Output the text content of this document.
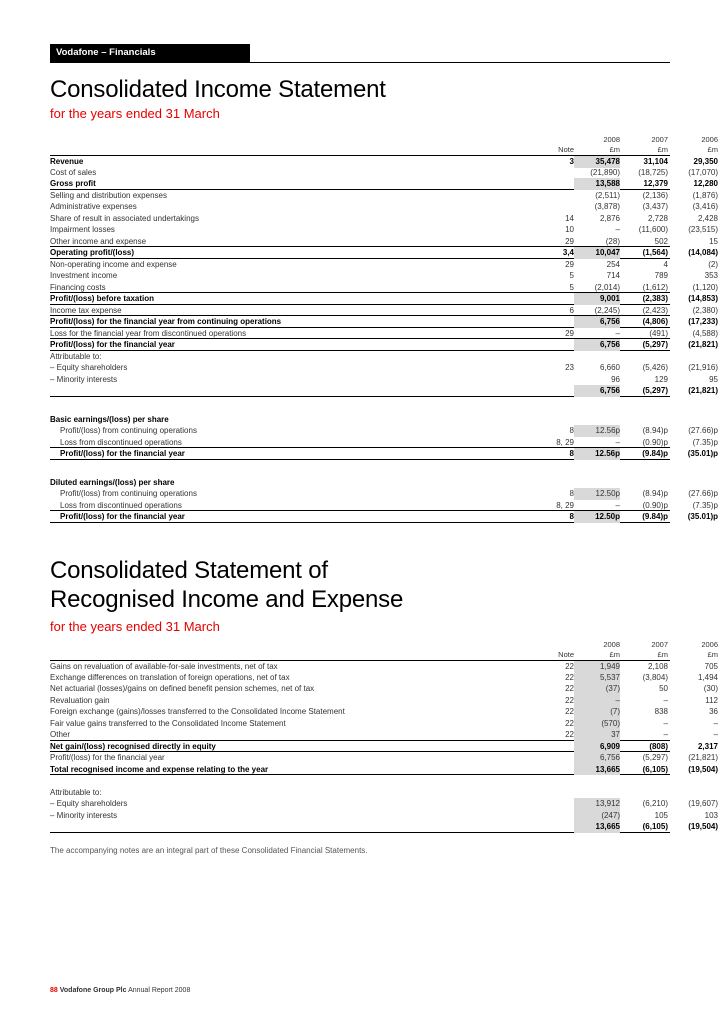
Vodafone – Financials
Consolidated Income Statement
for the years ended 31 March
2008	2007	2006
Note	£m	£m	£m
Revenue	3	35,478	31,104	29,350
Cost of sales	(21,890)	(18,725)	(17,070)
Gross profit	13,588	12,379	12,280
Selling and distribution expenses	(2,511)	(2,136)	(1,876)
Administrative expenses	(3,878)	(3,437)	(3,416)
Share of result in associated undertakings	14	2,876	2,728	2,428
Impairment losses	10	–	(11,600)	(23,515)
Other income and expense	29	(28)	502	15
Operating profit/(loss)	3,4	10,047	(1,564)	(14,084)
Non-operating income and expense	29	254	4	(2)
Investment income	5	714	789	353
Financing costs	5	(2,014)	(1,612)	(1,120)
Profit/(loss) before taxation	9,001	(2,383)	(14,853)
Income tax expense	6	(2,245)	(2,423)	(2,380)
Profit/(loss) for the financial year from continuing operations	6,756	(4,806)	(17,233)
Loss for the financial year from discontinued operations	29	–	(491)	(4,588)
Profit/(loss) for the financial year	6,756	(5,297)	(21,821)
Attributable to:
– Equity shareholders	23	6,660	(5,426)	(21,916)
– Minority interests	96	129	95
6,756	(5,297)	(21,821)
Basic earnings/(loss) per share
Profit/(loss) from continuing operations	8	12.56p	(8.94)p	(27.66)p
Loss from discontinued operations	8, 29	–	(0.90)p	(7.35)p
Profit/(loss) for the financial year	8	12.56p	(9.84)p	(35.01)p
Diluted earnings/(loss) per share
Profit/(loss) from continuing operations	8	12.50p	(8.94)p	(27.66)p
Loss from discontinued operations	8, 29	–	(0.90)p	(7.35)p
Profit/(loss) for the financial year	8	12.50p	(9.84)p	(35.01)p
Consolidated Statement of
Recognised Income and Expense
for the years ended 31 March
2008	2007	2006
Note	£m	£m	£m
Gains on revaluation of available-for-sale investments, net of tax	22	1,949	2,108	705
Exchange differences on translation of foreign operations, net of tax	22	5,537	(3,804)	1,494
Net actuarial (losses)/gains on defined benefit pension schemes, net of tax	22	(37)	50	(30)
Revaluation gain	22	–	–	112
Foreign exchange (gains)/losses transferred to the Consolidated Income Statement	22	(7)	838	36
Fair value gains transferred to the Consolidated Income Statement	22	(570)	–	–
Other	22	37	–	–
Net gain/(loss) recognised directly in equity	6,909	(808)	2,317
Profit/(loss) for the financial year	6,756	(5,297)	(21,821)
Total recognised income and expense relating to the year	13,665	(6,105)	(19,504)
Attributable to:
– Equity shareholders	13,912	(6,210)	(19,607)
– Minority interests	(247)	105	103
13,665	(6,105)	(19,504)
The accompanying notes are an integral part of these Consolidated Financial Statements.
88 Vodafone Group Plc Annual Report 2008
